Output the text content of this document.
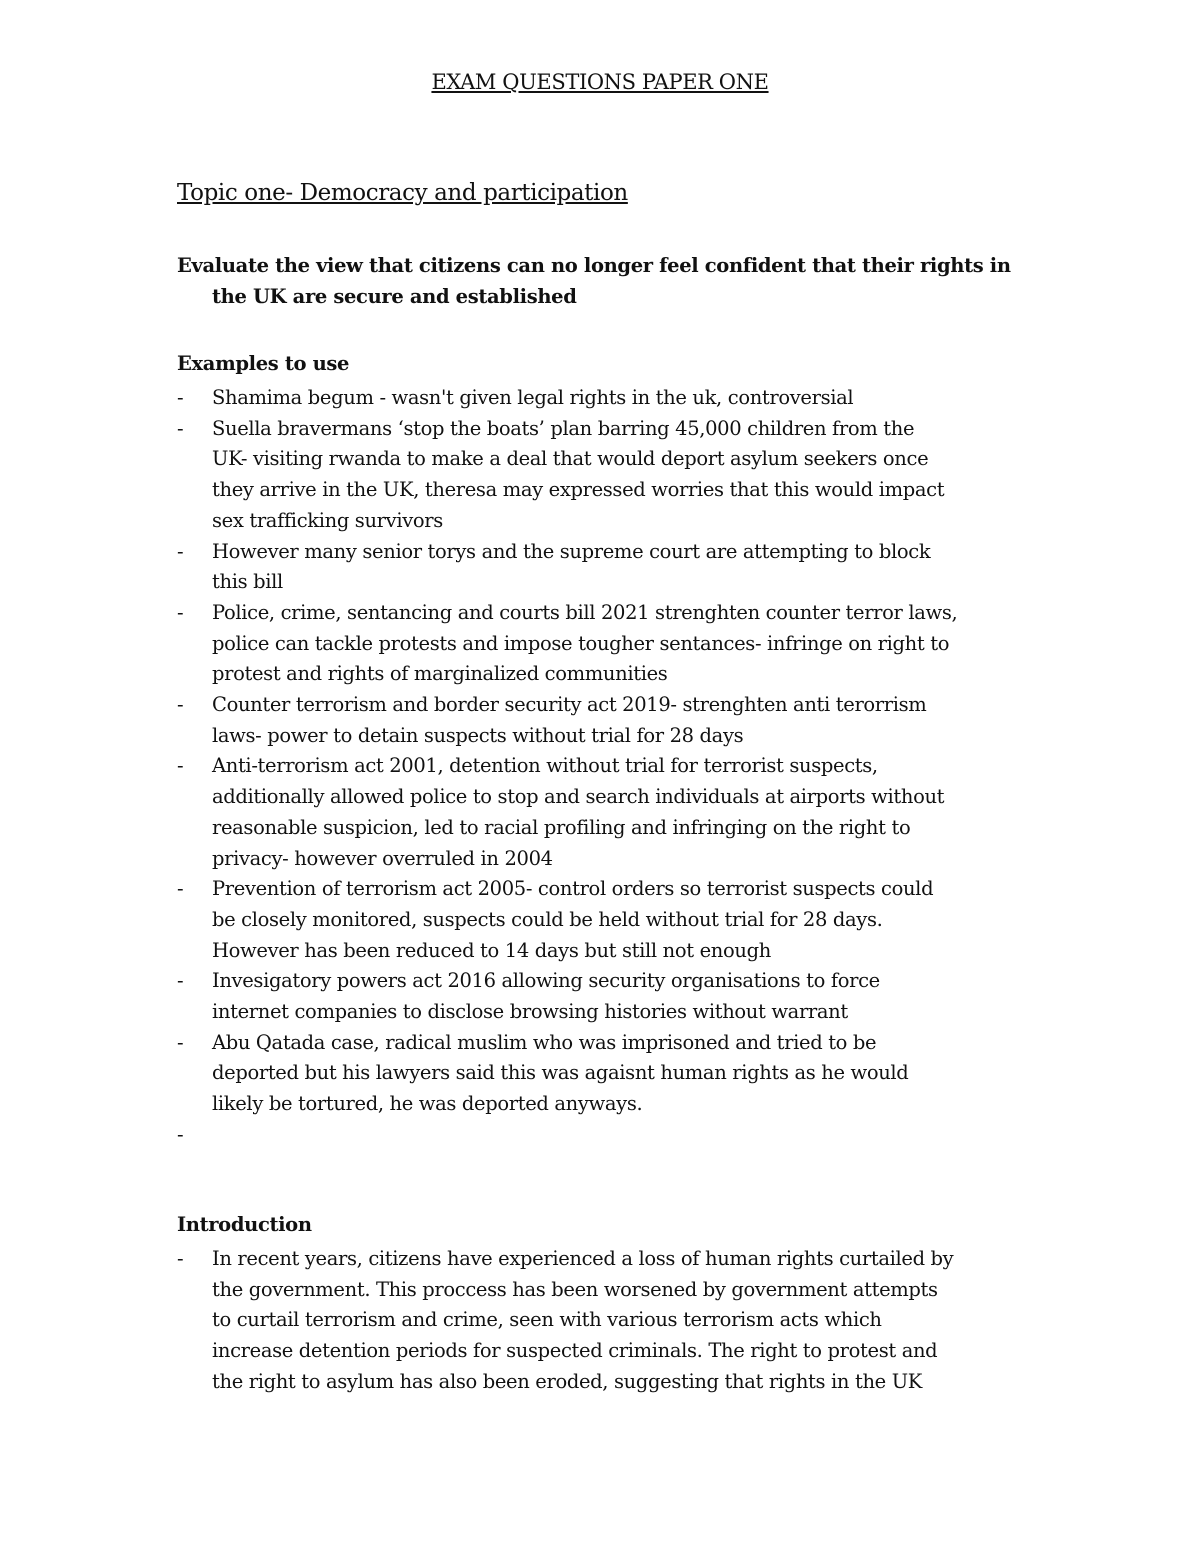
EXAM QUESTIONS PAPER ONE
Topic one- Democracy and participation
Evaluate the view that citizens can no longer feel confident that their rights in
the UK are secure and established
Examples to use
- Shamima begum - wasn't given legal rights in the uk, controversial
- Suella bravermans ‘stop the boats’ plan barring 45,000 children from the
UK- visiting rwanda to make a deal that would deport asylum seekers once
they arrive in the UK, theresa may expressed worries that this would impact
sex trafficking survivors
- However many senior torys and the supreme court are attempting to block
this bill
- Police, crime, sentancing and courts bill 2021 strenghten counter terror laws,
police can tackle protests and impose tougher sentances- infringe on right to
protest and rights of marginalized communities
- Counter terrorism and border security act 2019- strenghten anti terorrism
laws- power to detain suspects without trial for 28 days
- Anti-terrorism act 2001, detention without trial for terrorist suspects,
additionally allowed police to stop and search individuals at airports without
reasonable suspicion, led to racial profiling and infringing on the right to
privacy- however overruled in 2004
- Prevention of terrorism act 2005- control orders so terrorist suspects could
be closely monitored, suspects could be held without trial for 28 days.
However has been reduced to 14 days but still not enough
- Invesigatory powers act 2016 allowing security organisations to force
internet companies to disclose browsing histories without warrant
- Abu Qatada case, radical muslim who was imprisoned and tried to be
deported but his lawyers said this was agaisnt human rights as he would
likely be tortured, he was deported anyways.
-

Introduction
- In recent years, citizens have experienced a loss of human rights curtailed by
the government. This proccess has been worsened by government attempts
to curtail terrorism and crime, seen with various terrorism acts which
increase detention periods for suspected criminals. The right to protest and
the right to asylum has also been eroded, suggesting that rights in the UK
